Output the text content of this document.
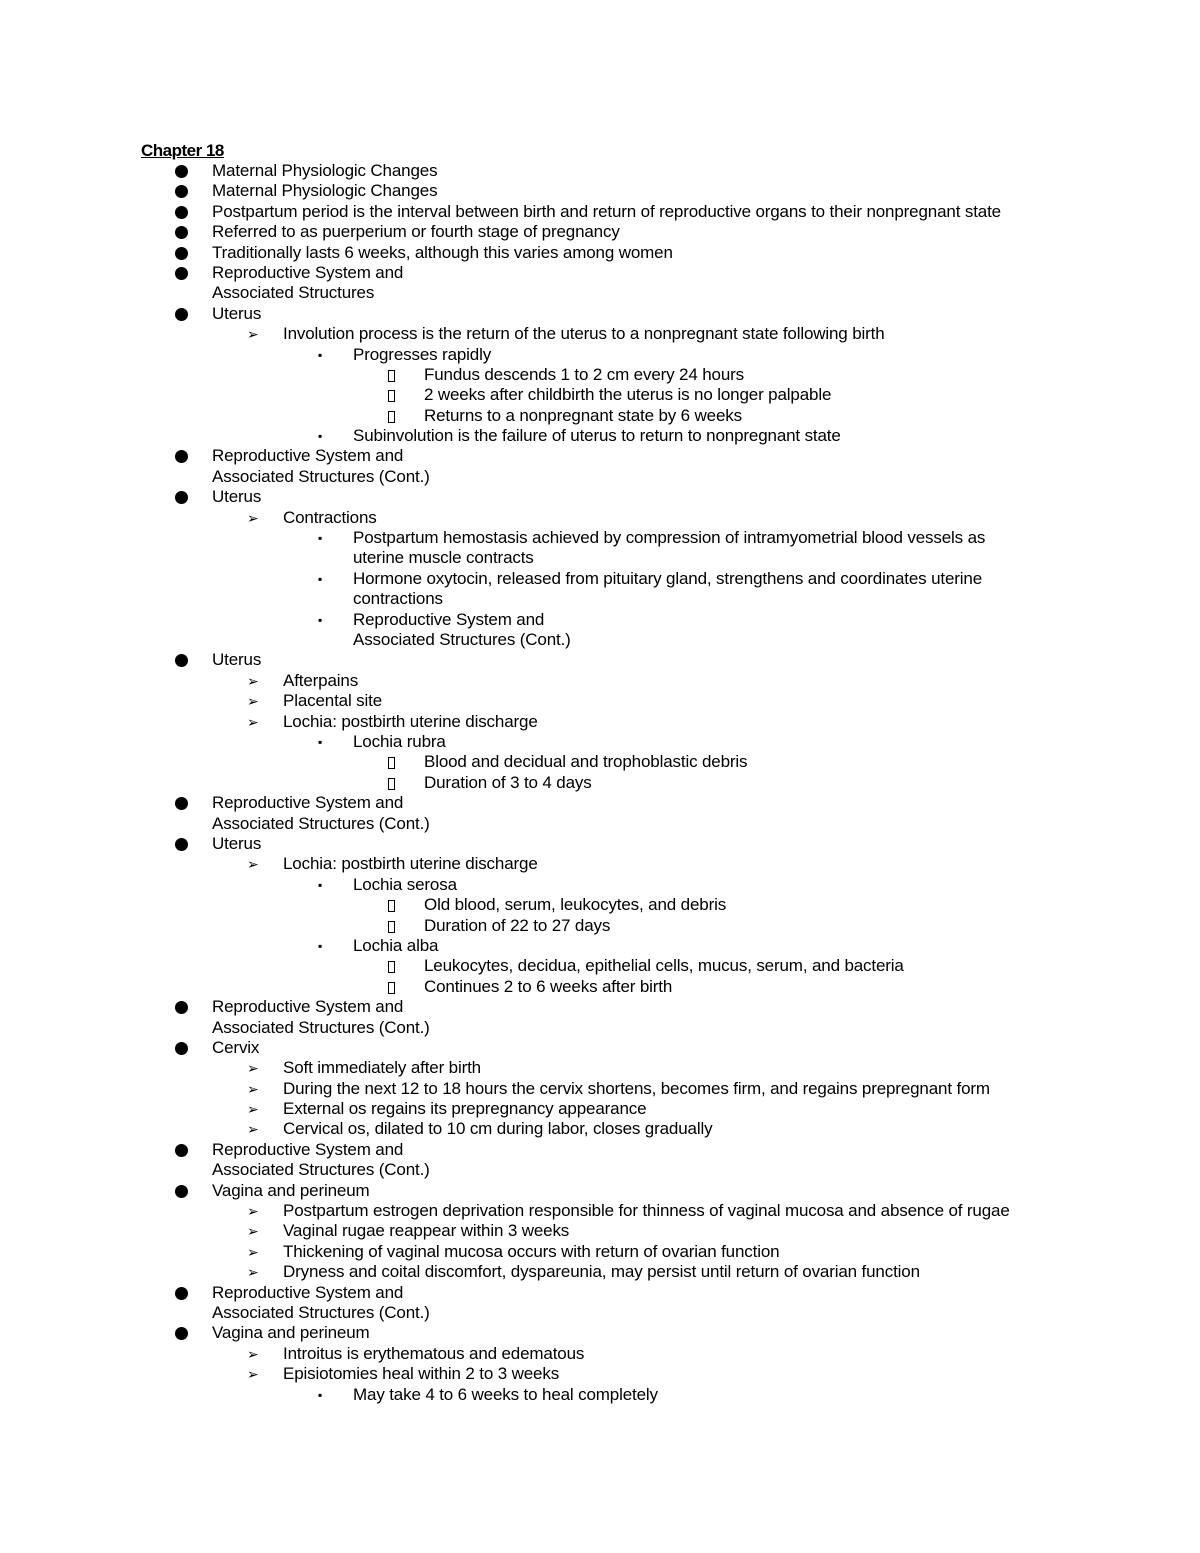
Chapter 18
Maternal Physiologic Changes
Maternal Physiologic Changes
Postpartum period is the interval between birth and return of reproductive organs to their nonpregnant state
Referred to as puerperium or fourth stage of pregnancy
Traditionally lasts 6 weeks, although this varies among women
Reproductive System and
Associated Structures
Uterus
➢ Involution process is the return of the uterus to a nonpregnant state following birth
▪ Progresses rapidly
Fundus descends 1 to 2 cm every 24 hours
2 weeks after childbirth the uterus is no longer palpable
Returns to a nonpregnant state by 6 weeks
▪ Subinvolution is the failure of uterus to return to nonpregnant state
Reproductive System and
Associated Structures (Cont.)
Uterus
➢ Contractions
▪ Postpartum hemostasis achieved by compression of intramyometrial blood vessels as
uterine muscle contracts
▪ Hormone oxytocin, released from pituitary gland, strengthens and coordinates uterine
contractions
▪ Reproductive System and
Associated Structures (Cont.)
Uterus
➢ Afterpains
➢ Placental site
➢ Lochia: postbirth uterine discharge
▪ Lochia rubra
Blood and decidual and trophoblastic debris
Duration of 3 to 4 days
Reproductive System and
Associated Structures (Cont.)
Uterus
➢ Lochia: postbirth uterine discharge
▪ Lochia serosa
Old blood, serum, leukocytes, and debris
Duration of 22 to 27 days
▪ Lochia alba
Leukocytes, decidua, epithelial cells, mucus, serum, and bacteria
Continues 2 to 6 weeks after birth
Reproductive System and
Associated Structures (Cont.)
Cervix
➢ Soft immediately after birth
➢ During the next 12 to 18 hours the cervix shortens, becomes firm, and regains prepregnant form
➢ External os regains its prepregnancy appearance
➢ Cervical os, dilated to 10 cm during labor, closes gradually
Reproductive System and
Associated Structures (Cont.)
Vagina and perineum
➢ Postpartum estrogen deprivation responsible for thinness of vaginal mucosa and absence of rugae
➢ Vaginal rugae reappear within 3 weeks
➢ Thickening of vaginal mucosa occurs with return of ovarian function
➢ Dryness and coital discomfort, dyspareunia, may persist until return of ovarian function
Reproductive System and
Associated Structures (Cont.)
Vagina and perineum
➢ Introitus is erythematous and edematous
➢ Episiotomies heal within 2 to 3 weeks
▪ May take 4 to 6 weeks to heal completely
